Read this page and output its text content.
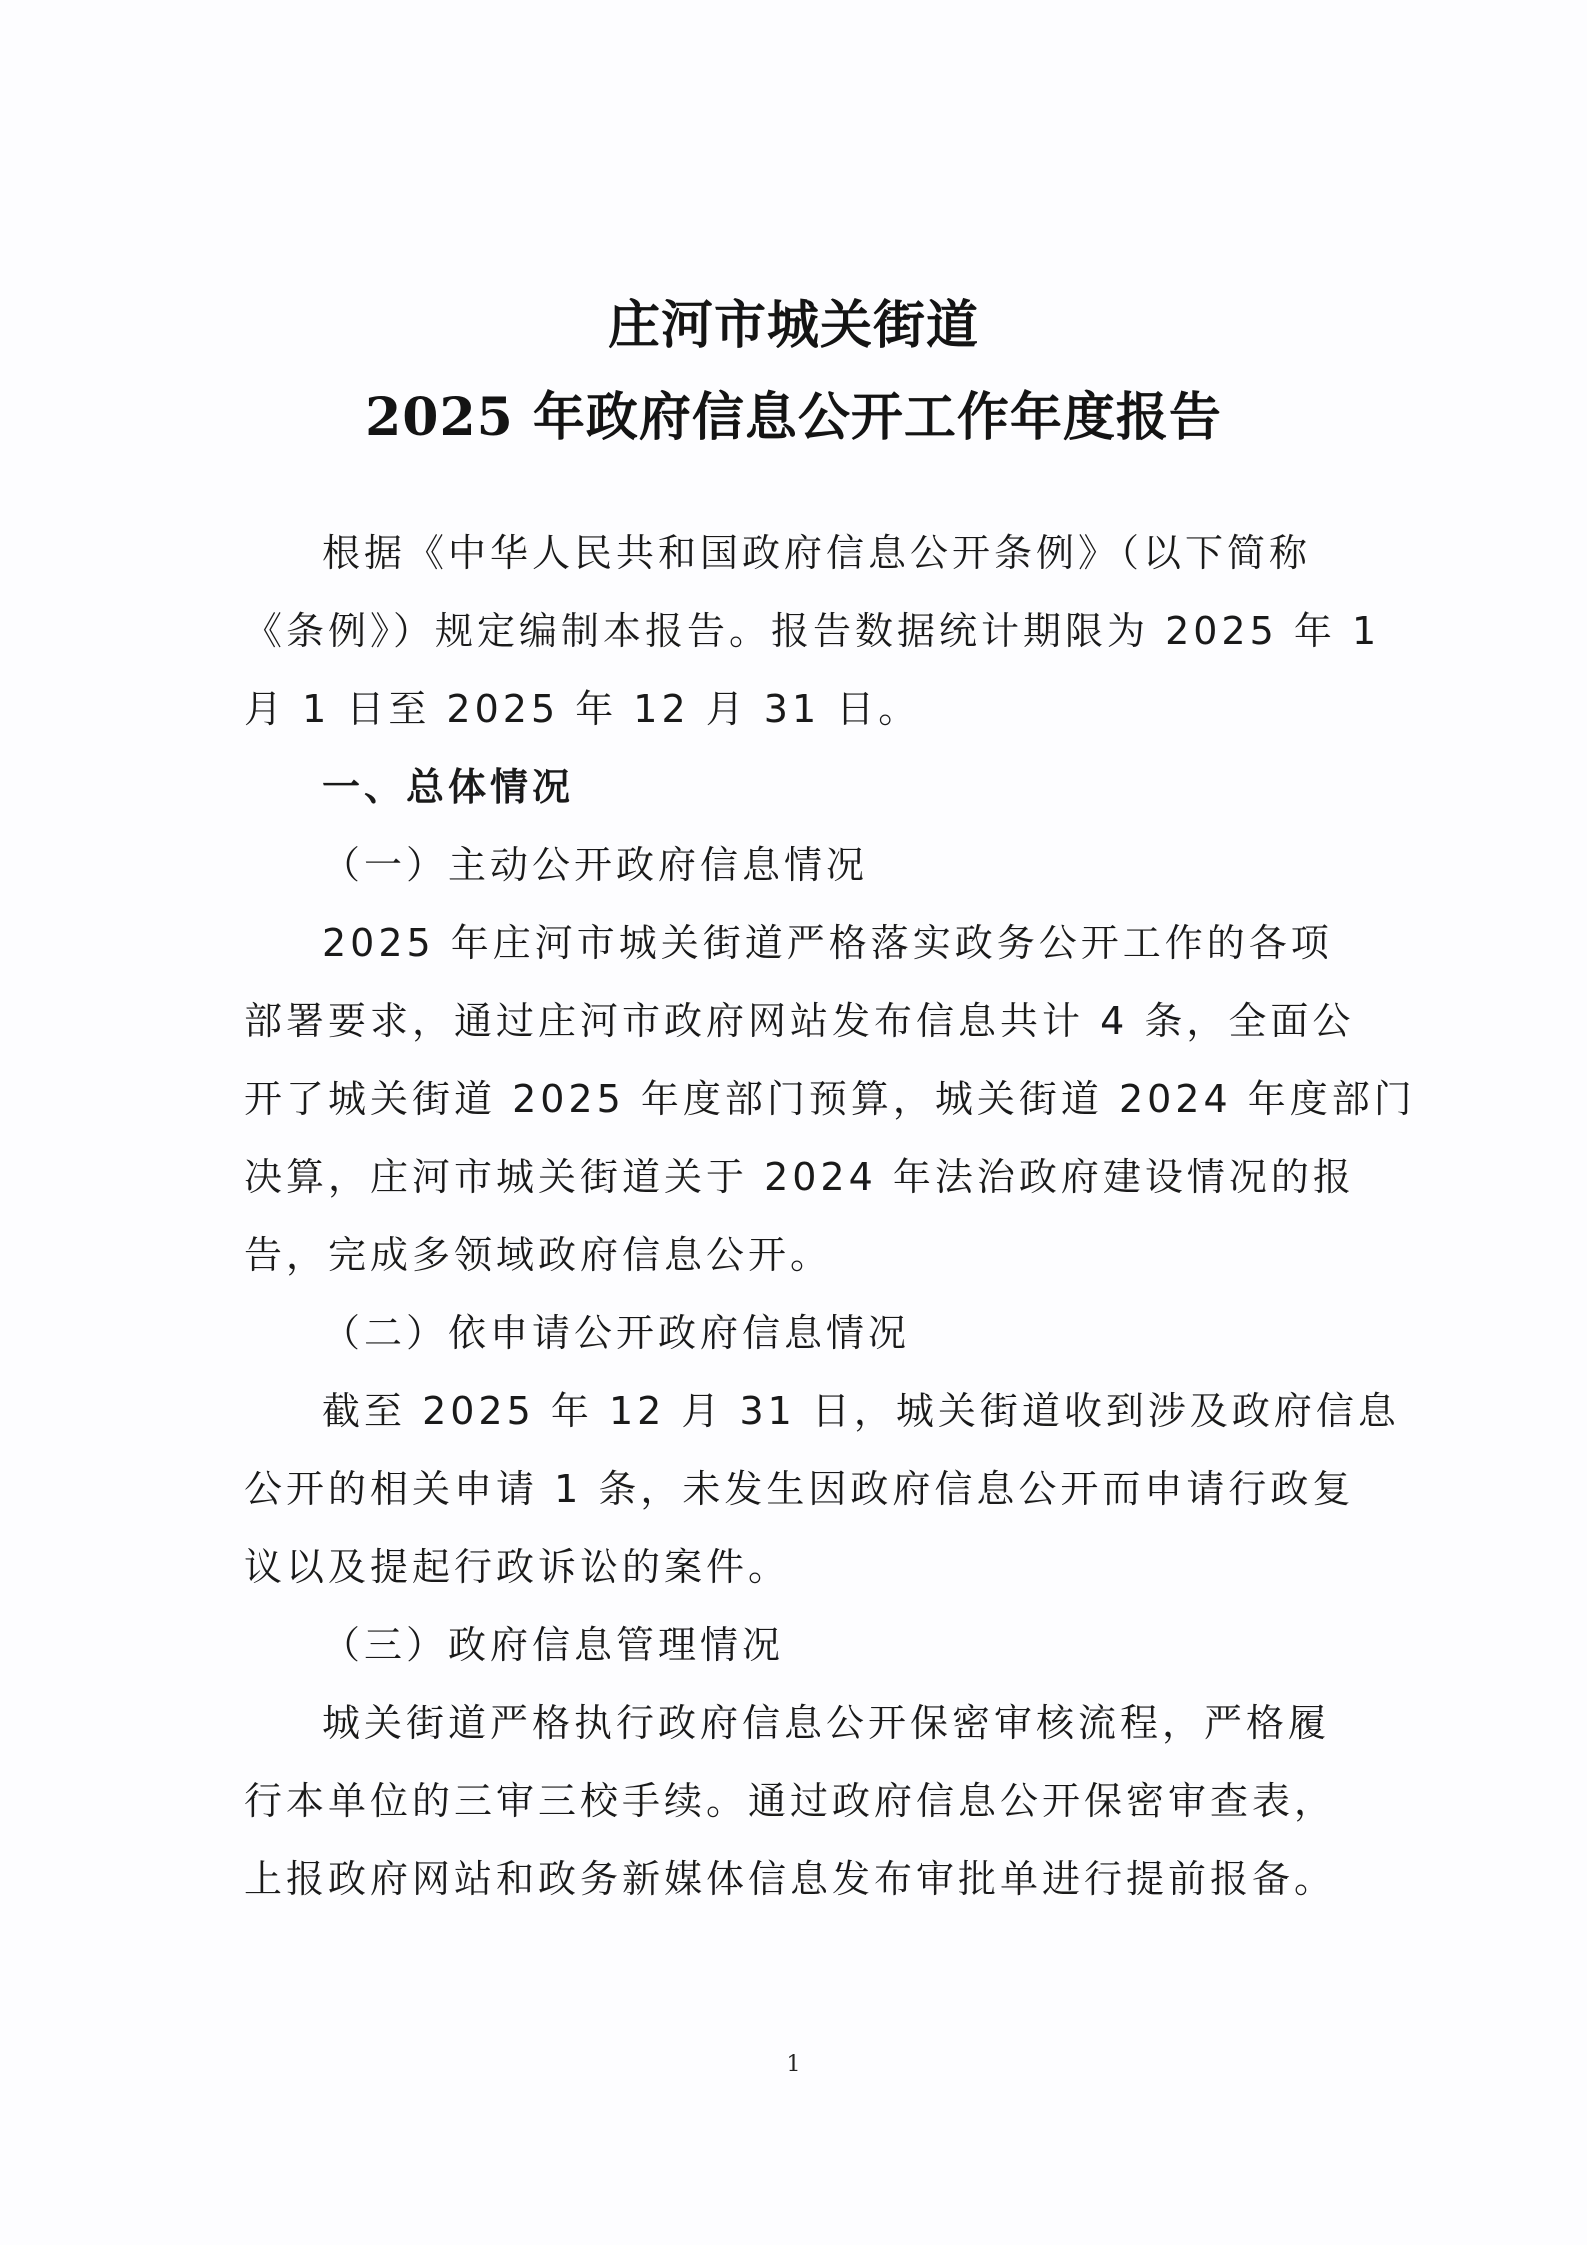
庄河市城关街道
2025 年政府信息公开工作年度报告
根据《中华人民共和国政府信息公开条例》（以下简称
《条例》）规定编制本报告。报告数据统计期限为 2025 年 1
月 1 日至 2025 年 12 月 31 日。
一、总体情况
（一）主动公开政府信息情况
2025 年庄河市城关街道严格落实政务公开工作的各项
部署要求，通过庄河市政府网站发布信息共计 4 条，全面公
开了城关街道 2025 年度部门预算，城关街道 2024 年度部门
决算，庄河市城关街道关于 2024 年法治政府建设情况的报
告，完成多领域政府信息公开。
（二）依申请公开政府信息情况
截至 2025 年 12 月 31 日，城关街道收到涉及政府信息
公开的相关申请 1 条，未发生因政府信息公开而申请行政复
议以及提起行政诉讼的案件。
（三）政府信息管理情况
城关街道严格执行政府信息公开保密审核流程，严格履
行本单位的三审三校手续。通过政府信息公开保密审查表，
上报政府网站和政务新媒体信息发布审批单进行提前报备。
1
